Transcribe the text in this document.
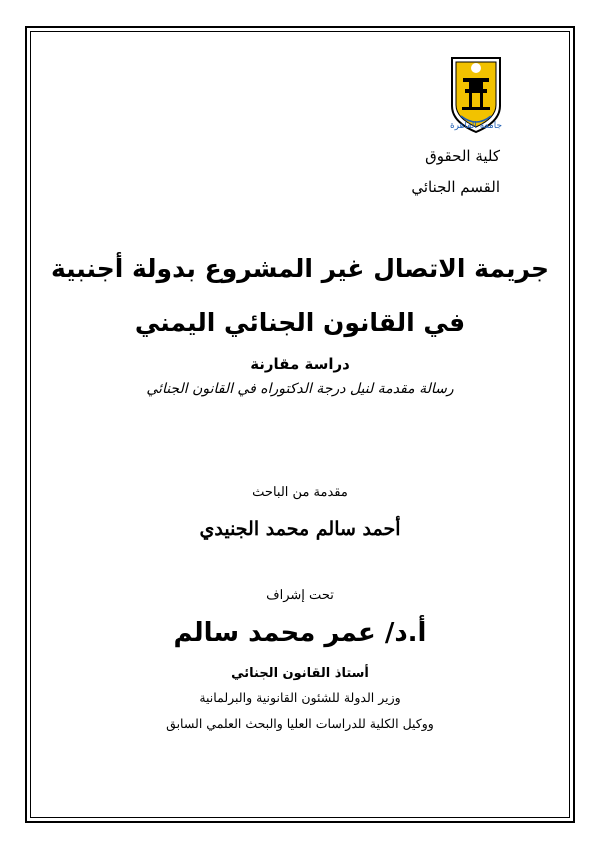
جامعة القاهرة
كلية الحقوق
القسم الجنائي
جريمة الاتصال غير المشروع بدولة أجنبية
في القانون الجنائي اليمني
دراسة مقارنة
رسالة مقدمة لنيل درجة الدكتوراه في القانون الجنائي
مقدمة من الباحث
أحمد سالم محمد الجنيدي
تحت إشراف
أ.د/ عمر محمد سالم
أستاذ القانون الجنائي
وزير الدولة للشئون القانونية والبرلمانية
ووكيل الكلية للدراسات العليا والبحث العلمي السابق
